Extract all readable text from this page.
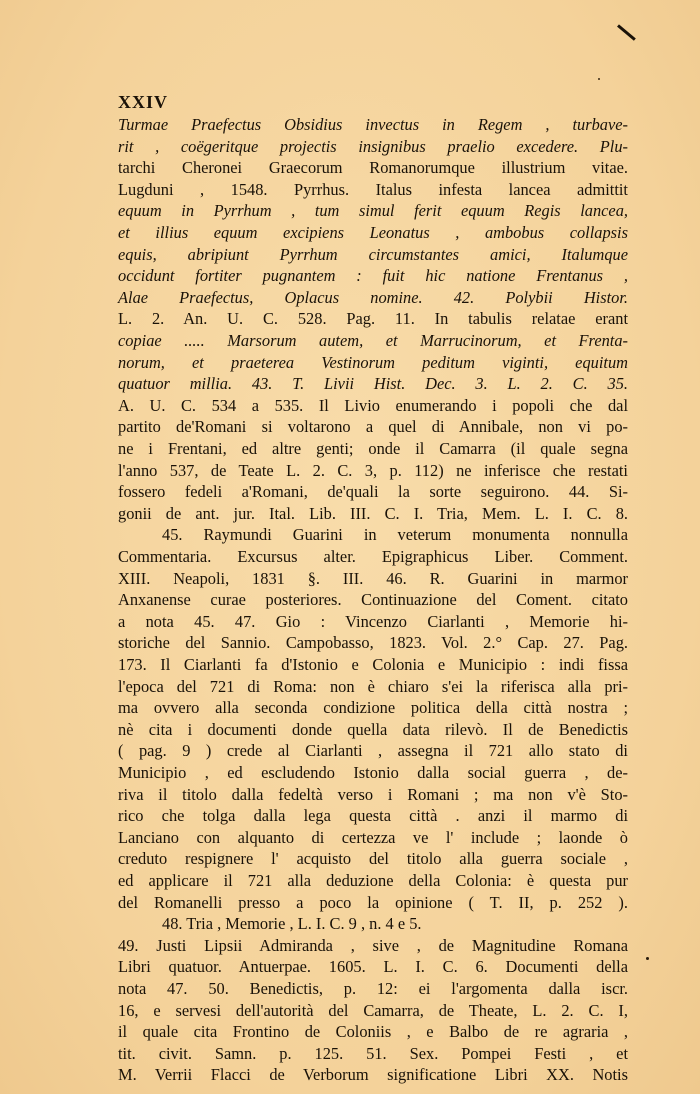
XXIV
Turmae Praefectus Obsidius invectus in Regem , turbave-
rit , coëgeritque projectis insignibus praelio excedere. Plu-
tarchi Cheronei Graecorum Romanorumque illustrium vitae.
Lugduni , 1548. Pyrrhus. Italus infesta lancea admittit
equum in Pyrrhum , tum simul ferit equum Regis lancea,
et illius equum excipiens Leonatus , ambobus collapsis
equis, abripiunt Pyrrhum circumstantes amici, Italumque
occidunt fortiter pugnantem : fuit hic natione Frentanus ,
Alae Praefectus, Oplacus nomine. 42. Polybii Histor.
L. 2. An. U. C. 528. Pag. 11. In tabulis relatae erant
copiae ..... Marsorum autem, et Marrucinorum, et Frenta-
norum, et praeterea Vestinorum peditum viginti, equitum
quatuor millia. 43. T. Livii Hist. Dec. 3. L. 2. C. 35.
A. U. C. 534 a 535. Il Livio enumerando i popoli che dal
partito de'Romani si voltarono a quel di Annibale, non vi po-
ne i Frentani, ed altre genti; onde il Camarra (il quale segna
l'anno 537, de Teate L. 2. C. 3, p. 112) ne inferisce che restati
fossero fedeli a'Romani, de'quali la sorte seguirono. 44. Si-
gonii de ant. jur. Ital. Lib. III. C. I. Tria, Mem. L. I. C. 8.
45. Raymundi Guarini in veterum monumenta nonnulla
Commentaria. Excursus alter. Epigraphicus Liber. Comment.
XIII. Neapoli, 1831 §. III. 46. R. Guarini in marmor
Anxanense curae posteriores. Continuazione del Coment. citato
a nota 45. 47. Gio : Vincenzo Ciarlanti , Memorie hi-
storiche del Sannio. Campobasso, 1823. Vol. 2.° Cap. 27. Pag.
173. Il Ciarlanti fa d'Istonio e Colonia e Municipio : indi fissa
l'epoca del 721 di Roma: non è chiaro s'ei la riferisca alla pri-
ma ovvero alla seconda condizione politica della città nostra ;
nè cita i documenti donde quella data rilevò. Il de Benedictis
( pag. 9 ) crede al Ciarlanti , assegna il 721 allo stato di
Municipio , ed escludendo Istonio dalla social guerra , de-
riva il titolo dalla fedeltà verso i Romani ; ma non v'è Sto-
rico che tolga dalla lega questa città . anzi il marmo di
Lanciano con alquanto di certezza ve l' include ; laonde ò
creduto respignere l' acquisto del titolo alla guerra sociale ,
ed applicare il 721 alla deduzione della Colonia: è questa pur
del Romanelli presso a poco la opinione ( T. II, p. 252 ).
48. Tria , Memorie , L. I. C. 9 , n. 4 e 5.
49. Justi Lipsii Admiranda , sive , de Magnitudine Romana
Libri quatuor. Antuerpae. 1605. L. I. C. 6. Documenti della
nota 47. 50. Benedictis, p. 12: ei l'argomenta dalla iscr.
16, e servesi dell'autorità del Camarra, de Theate, L. 2. C. I,
il quale cita Frontino de Coloniis , e Balbo de re agraria ,
tit. civit. Samn. p. 125. 51. Sex. Pompei Festi , et
M. Verrii Flacci de Verborum significatione Libri XX. Notis
